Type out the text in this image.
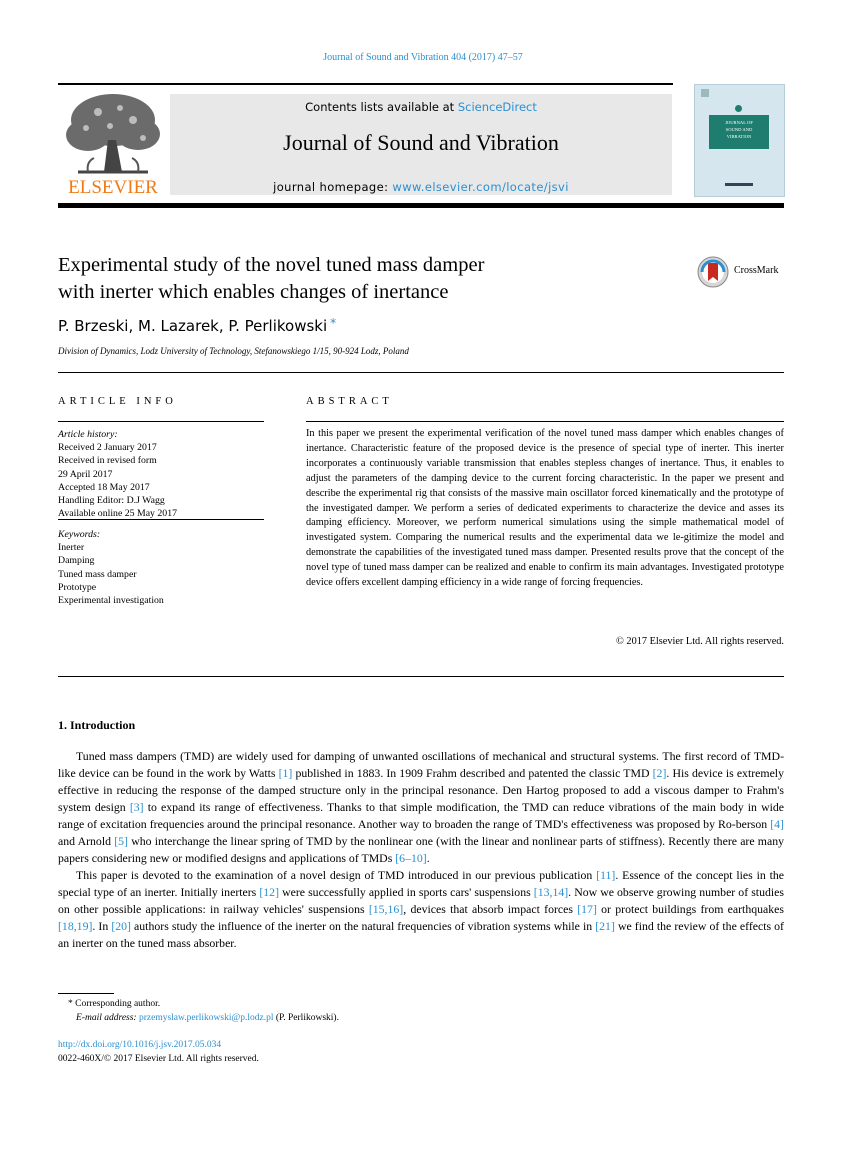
Journal of Sound and Vibration 404 (2017) 47–57
ELSEVIER
Contents lists available at ScienceDirect
Journal of Sound and Vibration
journal homepage: www.elsevier.com/locate/jsvi
JOURNAL OF
SOUND AND
VIBRATION
Experimental study of the novel tuned mass damper
with inerter which enables changes of inertance
CrossMark
P. Brzeski, M. Lazarek, P. Perlikowski *
Division of Dynamics, Lodz University of Technology, Stefanowskiego 1/15, 90-924 Lodz, Poland
ARTICLE INFO	ABSTRACT
Article history:
Received 2 January 2017
Received in revised form
29 April 2017
Accepted 18 May 2017
Handling Editor: D.J Wagg
Available online 25 May 2017
Keywords:
Inerter
Damping
Tuned mass damper
Prototype
Experimental investigation
In this paper we present the experimental verification of the novel tuned mass damper which enables changes of inertance. Characteristic feature of the proposed device is the presence of special type of inerter. This inerter incorporates a continuously variable transmission that enables stepless changes of inertance. Thus, it enables to adjust the parameters of the damping device to the current forcing characteristic. In the paper we present and describe the experimental rig that consists of the massive main oscillator forced kinematically and the prototype of the investigated damper. We perform a series of dedicated experiments to characterize the device and asses its damping efficiency. Moreover, we perform numerical simulations using the simple mathematical model of investigated system. Comparing the numerical results and the experimental data we le-gitimize the model and demonstrate the capabilities of the investigated tuned mass damper. Presented results prove that the concept of the novel type of tuned mass damper can be realized and enable to confirm its main advantages. Investigated prototype device offers excellent damping efficiency in a wide range of forcing frequencies.
© 2017 Elsevier Ltd. All rights reserved.
1. Introduction

Tuned mass dampers (TMD) are widely used for damping of unwanted oscillations of mechanical and structural systems. The first record of TMD-like device can be found in the work by Watts [1] published in 1883. In 1909 Frahm described and patented the classic TMD [2]. His device is extremely effective in reducing the response of the damped structure only in the principal resonance. Den Hartog proposed to add a viscous damper to Frahm's system design [3] to expand its range of effectiveness. Thanks to that simple modification, the TMD can reduce vibrations of the main body in wide range of excitation frequencies around the principal resonance. Another way to broaden the range of TMD's effectiveness was proposed by Ro-berson [4] and Arnold [5] who interchange the linear spring of TMD by the nonlinear one (with the linear and nonlinear parts of stiffness). Recently there are many papers considering new or modified designs and applications of TMDs [6–10].

This paper is devoted to the examination of a novel design of TMD introduced in our previous publication [11]. Essence of the concept lies in the special type of an inerter. Initially inerters [12] were successfully applied in sports cars' suspensions [13,14]. Now we observe growing number of studies on other possible applications: in railway vehicles' suspensions [15,16], devices that absorb impact forces [17] or protect buildings from earthquakes [18,19]. In [20] authors study the influence of the inerter on the natural frequencies of vibration systems while in [21] we find the review of the effects of an inerter on the tuned mass absorber.

* Corresponding author.
E-mail address: przemyslaw.perlikowski@p.lodz.pl (P. Perlikowski).
http://dx.doi.org/10.1016/j.jsv.2017.05.034
0022-460X/© 2017 Elsevier Ltd. All rights reserved.
